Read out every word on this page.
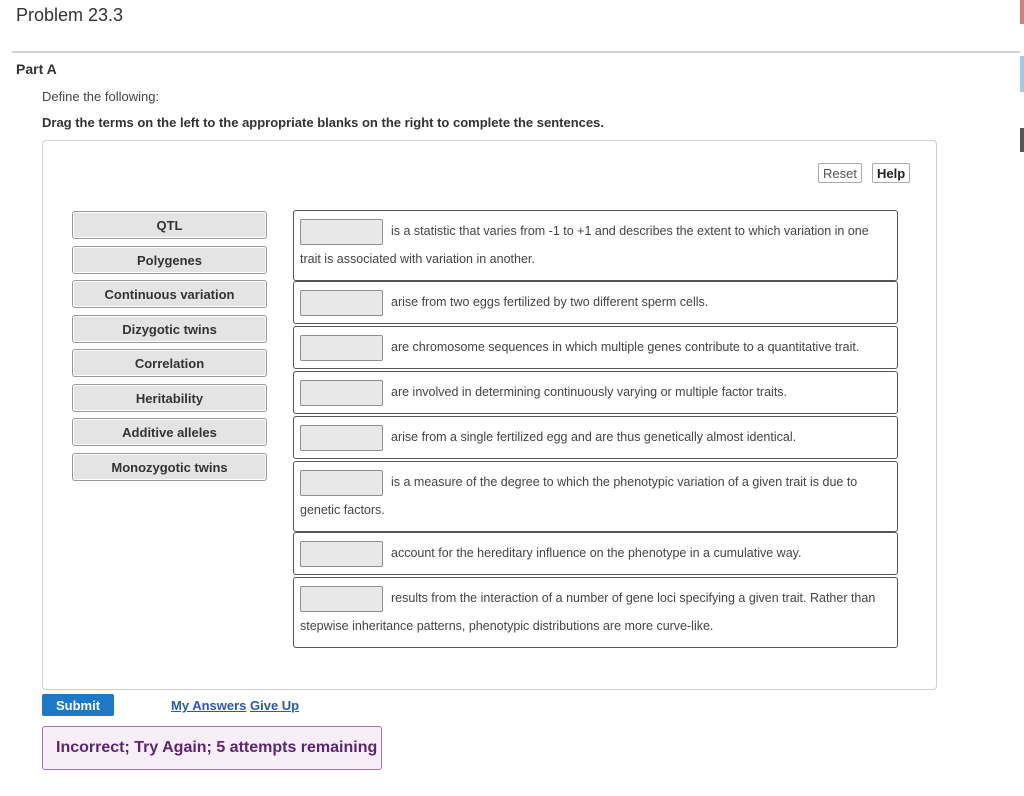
Problem 23.3
Part A
Define the following:
Drag the terms on the left to the appropriate blanks on the right to complete the sentences.
Reset	Help
QTL
Polygenes
Continuous variation
Dizygotic twins
Correlation
Heritability
Additive alleles
Monozygotic twins
is a statistic that varies from -1 to +1 and describes the extent to which variation in one trait is associated with variation in another.
arise from two eggs fertilized by two different sperm cells.
are chromosome sequences in which multiple genes contribute to a quantitative trait.
are involved in determining continuously varying or multiple factor traits.
arise from a single fertilized egg and are thus genetically almost identical.
is a measure of the degree to which the phenotypic variation of a given trait is due to genetic factors.
account for the hereditary influence on the phenotype in a cumulative way.
results from the interaction of a number of gene loci specifying a given trait. Rather than stepwise inheritance patterns, phenotypic distributions are more curve-like.
Submit	My Answers Give Up
Incorrect; Try Again; 5 attempts remaining
